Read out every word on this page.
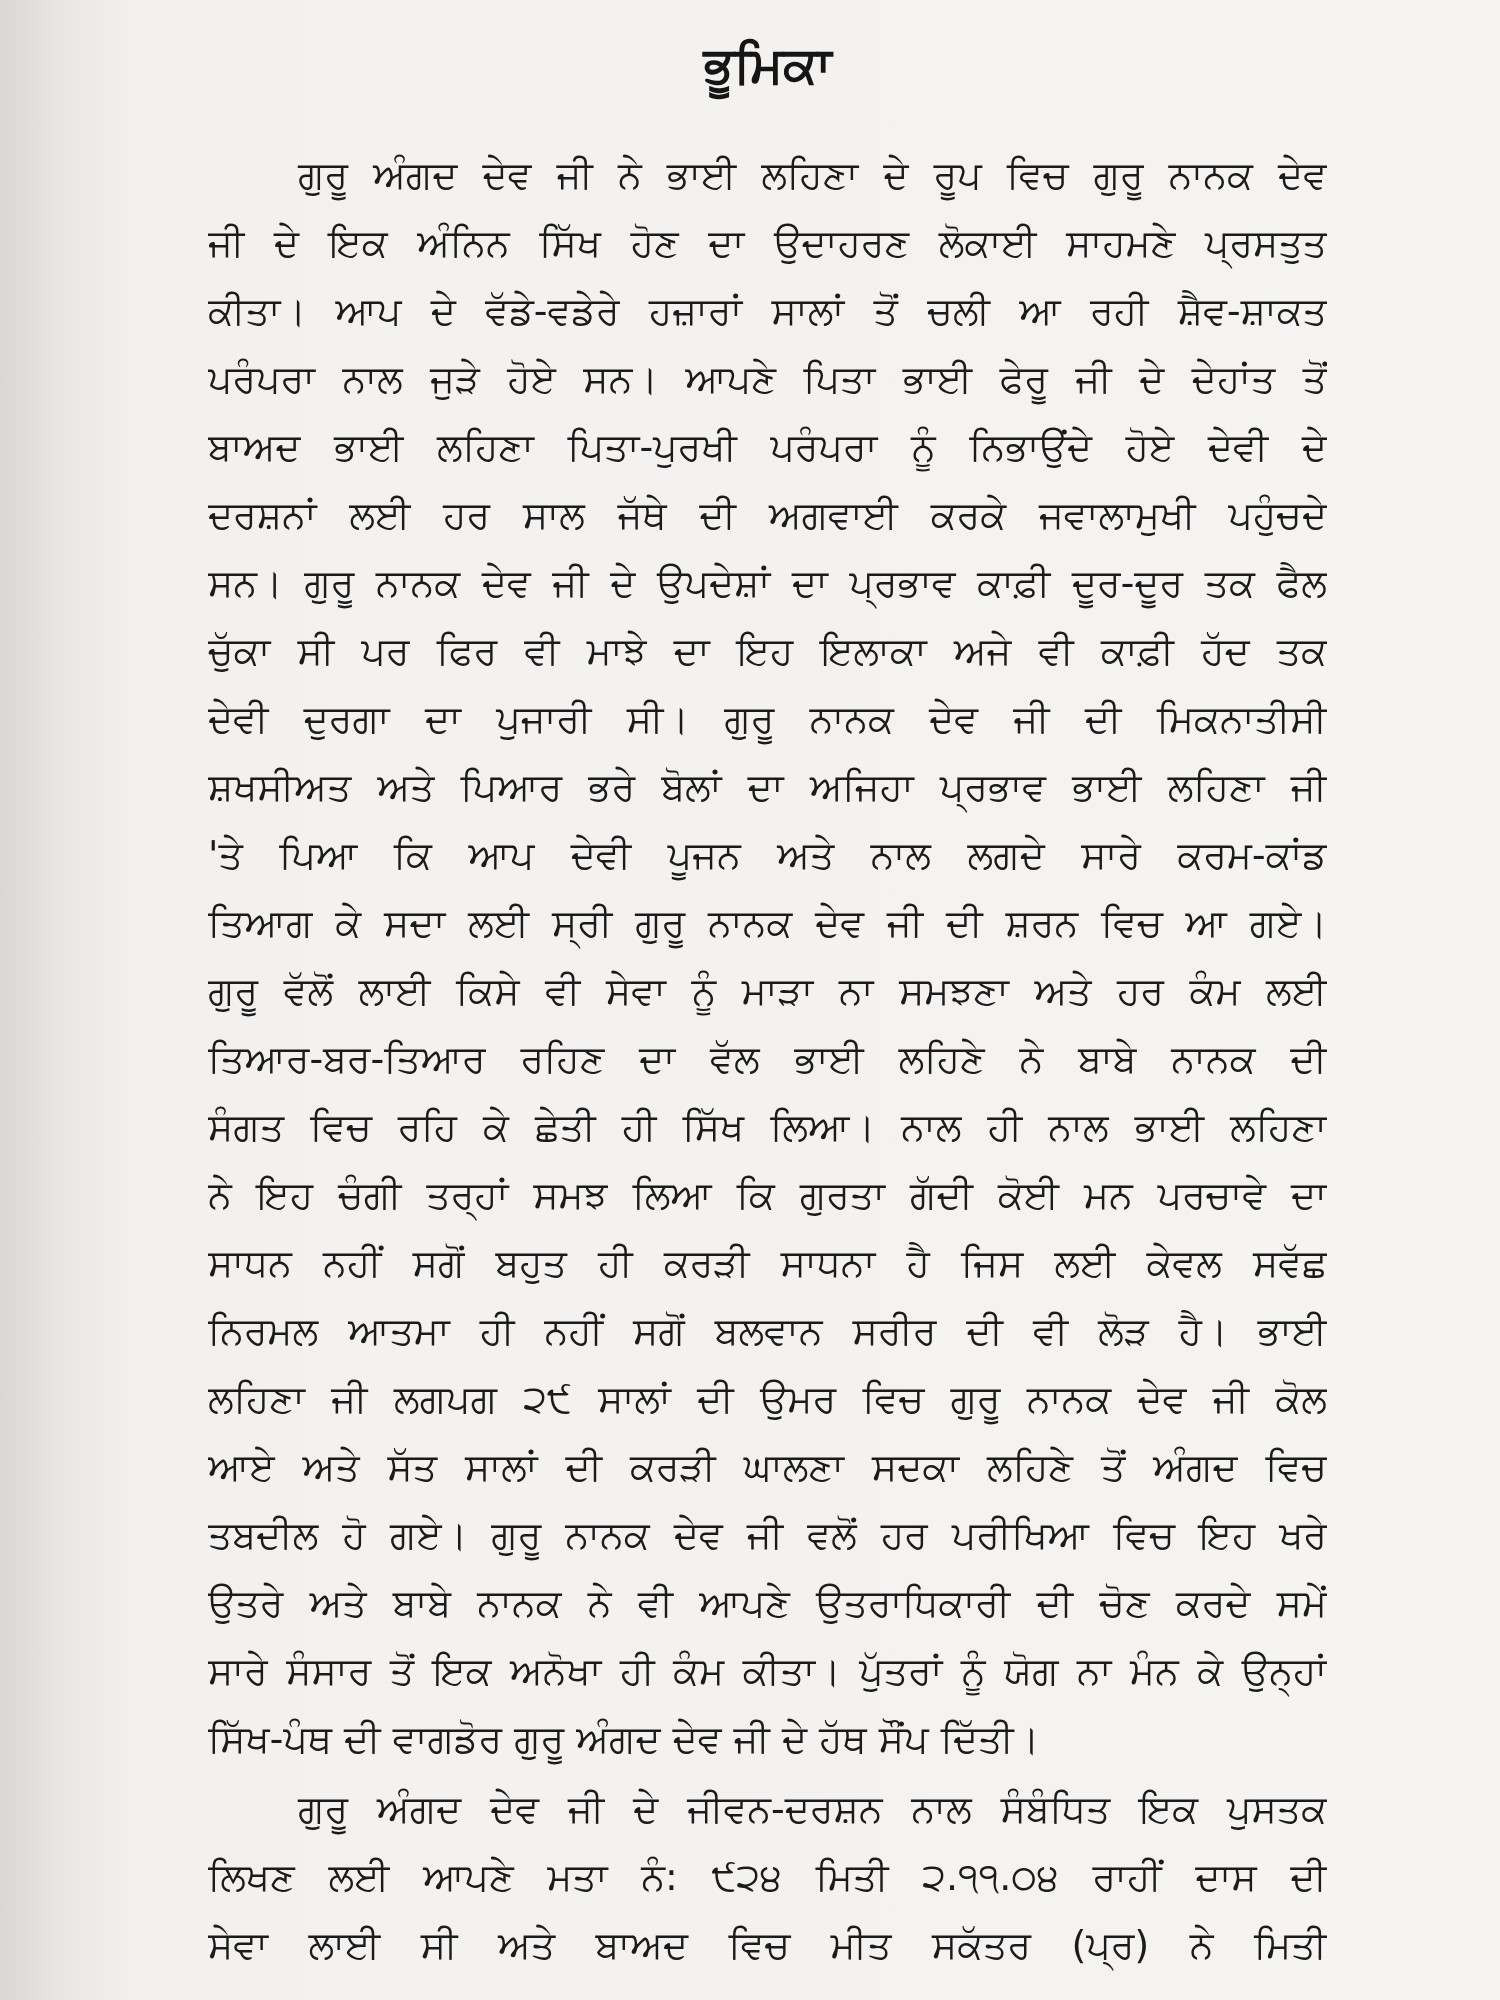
ਭੂਮਿਕਾ
ਗੁਰੂ ਅੰਗਦ ਦੇਵ ਜੀ ਨੇ ਭਾਈ ਲਹਿਣਾ ਦੇ ਰੂਪ ਵਿਚ ਗੁਰੂ ਨਾਨਕ ਦੇਵ
ਜੀ ਦੇ ਇਕ ਅੰਨਿਨ ਸਿੱਖ ਹੋਣ ਦਾ ਉਦਾਹਰਣ ਲੋਕਾਈ ਸਾਹਮਣੇ ਪ੍ਰਸਤੁਤ
ਕੀਤਾ। ਆਪ ਦੇ ਵੱਡੇ-ਵਡੇਰੇ ਹਜ਼ਾਰਾਂ ਸਾਲਾਂ ਤੋਂ ਚਲੀ ਆ ਰਹੀ ਸ਼ੈਵ-ਸ਼ਾਕਤ
ਪਰੰਪਰਾ ਨਾਲ ਜੁੜੇ ਹੋਏ ਸਨ। ਆਪਣੇ ਪਿਤਾ ਭਾਈ ਫੇਰੂ ਜੀ ਦੇ ਦੇਹਾਂਤ ਤੋਂ
ਬਾਅਦ ਭਾਈ ਲਹਿਣਾ ਪਿਤਾ-ਪੁਰਖੀ ਪਰੰਪਰਾ ਨੂੰ ਨਿਭਾਉਂਦੇ ਹੋਏ ਦੇਵੀ ਦੇ
ਦਰਸ਼ਨਾਂ ਲਈ ਹਰ ਸਾਲ ਜੱਥੇ ਦੀ ਅਗਵਾਈ ਕਰਕੇ ਜਵਾਲਾਮੁਖੀ ਪਹੁੰਚਦੇ
ਸਨ। ਗੁਰੂ ਨਾਨਕ ਦੇਵ ਜੀ ਦੇ ਉਪਦੇਸ਼ਾਂ ਦਾ ਪ੍ਰਭਾਵ ਕਾਫ਼ੀ ਦੂਰ-ਦੂਰ ਤਕ ਫੈਲ
ਚੁੱਕਾ ਸੀ ਪਰ ਫਿਰ ਵੀ ਮਾਝੇ ਦਾ ਇਹ ਇਲਾਕਾ ਅਜੇ ਵੀ ਕਾਫ਼ੀ ਹੱਦ ਤਕ
ਦੇਵੀ ਦੁਰਗਾ ਦਾ ਪੁਜਾਰੀ ਸੀ। ਗੁਰੂ ਨਾਨਕ ਦੇਵ ਜੀ ਦੀ ਮਿਕਨਾਤੀਸੀ
ਸ਼ਖਸੀਅਤ ਅਤੇ ਪਿਆਰ ਭਰੇ ਬੋਲਾਂ ਦਾ ਅਜਿਹਾ ਪ੍ਰਭਾਵ ਭਾਈ ਲਹਿਣਾ ਜੀ
'ਤੇ ਪਿਆ ਕਿ ਆਪ ਦੇਵੀ ਪੂਜਨ ਅਤੇ ਨਾਲ ਲਗਦੇ ਸਾਰੇ ਕਰਮ-ਕਾਂਡ
ਤਿਆਗ ਕੇ ਸਦਾ ਲਈ ਸ੍ਰੀ ਗੁਰੂ ਨਾਨਕ ਦੇਵ ਜੀ ਦੀ ਸ਼ਰਨ ਵਿਚ ਆ ਗਏ।
ਗੁਰੂ ਵੱਲੋਂ ਲਾਈ ਕਿਸੇ ਵੀ ਸੇਵਾ ਨੂੰ ਮਾੜਾ ਨਾ ਸਮਝਣਾ ਅਤੇ ਹਰ ਕੰਮ ਲਈ
ਤਿਆਰ-ਬਰ-ਤਿਆਰ ਰਹਿਣ ਦਾ ਵੱਲ ਭਾਈ ਲਹਿਣੇ ਨੇ ਬਾਬੇ ਨਾਨਕ ਦੀ
ਸੰਗਤ ਵਿਚ ਰਹਿ ਕੇ ਛੇਤੀ ਹੀ ਸਿੱਖ ਲਿਆ। ਨਾਲ ਹੀ ਨਾਲ ਭਾਈ ਲਹਿਣਾ
ਨੇ ਇਹ ਚੰਗੀ ਤਰ੍ਹਾਂ ਸਮਝ ਲਿਆ ਕਿ ਗੁਰਤਾ ਗੱਦੀ ਕੋਈ ਮਨ ਪਰਚਾਵੇ ਦਾ
ਸਾਧਨ ਨਹੀਂ ਸਗੋਂ ਬਹੁਤ ਹੀ ਕਰੜੀ ਸਾਧਨਾ ਹੈ ਜਿਸ ਲਈ ਕੇਵਲ ਸਵੱਛ
ਨਿਰਮਲ ਆਤਮਾ ਹੀ ਨਹੀਂ ਸਗੋਂ ਬਲਵਾਨ ਸਰੀਰ ਦੀ ਵੀ ਲੋੜ ਹੈ। ਭਾਈ
ਲਹਿਣਾ ਜੀ ਲਗਪਗ ੨੯ ਸਾਲਾਂ ਦੀ ਉਮਰ ਵਿਚ ਗੁਰੂ ਨਾਨਕ ਦੇਵ ਜੀ ਕੋਲ
ਆਏ ਅਤੇ ਸੱਤ ਸਾਲਾਂ ਦੀ ਕਰੜੀ ਘਾਲਣਾ ਸਦਕਾ ਲਹਿਣੇ ਤੋਂ ਅੰਗਦ ਵਿਚ
ਤਬਦੀਲ ਹੋ ਗਏ। ਗੁਰੂ ਨਾਨਕ ਦੇਵ ਜੀ ਵਲੋਂ ਹਰ ਪਰੀਖਿਆ ਵਿਚ ਇਹ ਖਰੇ
ਉਤਰੇ ਅਤੇ ਬਾਬੇ ਨਾਨਕ ਨੇ ਵੀ ਆਪਣੇ ਉਤਰਾਧਿਕਾਰੀ ਦੀ ਚੋਣ ਕਰਦੇ ਸਮੇਂ
ਸਾਰੇ ਸੰਸਾਰ ਤੋਂ ਇਕ ਅਨੋਖਾ ਹੀ ਕੰਮ ਕੀਤਾ। ਪੁੱਤਰਾਂ ਨੂੰ ਯੋਗ ਨਾ ਮੰਨ ਕੇ ਉਨ੍ਹਾਂ
ਸਿੱਖ-ਪੰਥ ਦੀ ਵਾਗਡੋਰ ਗੁਰੂ ਅੰਗਦ ਦੇਵ ਜੀ ਦੇ ਹੱਥ ਸੌਂਪ ਦਿੱਤੀ।
ਗੁਰੂ ਅੰਗਦ ਦੇਵ ਜੀ ਦੇ ਜੀਵਨ-ਦਰਸ਼ਨ ਨਾਲ ਸੰਬੰਧਿਤ ਇਕ ਪੁਸਤਕ
ਲਿਖਣ ਲਈ ਆਪਣੇ ਮਤਾ ਨੰ: ੯੨੪ ਮਿਤੀ ੨.੧੧.੦੪ ਰਾਹੀਂ ਦਾਸ ਦੀ
ਸੇਵਾ ਲਾਈ ਸੀ ਅਤੇ ਬਾਅਦ ਵਿਚ ਮੀਤ ਸਕੱਤਰ (ਪ੍ਰ) ਨੇ ਮਿਤੀ
